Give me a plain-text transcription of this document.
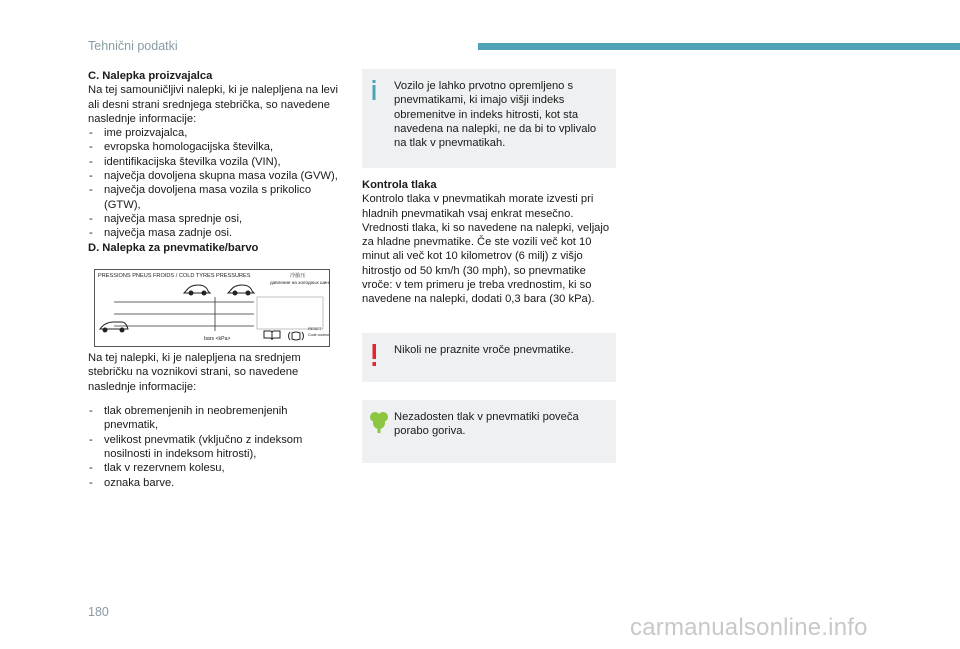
Tehnični podatki

C. Nalepka proizvajalca

Na tej samouničljivi nalepki, ki je nalepljena na levi ali desni strani srednjega stebrička, so navedene naslednje informacije:

- ime proizvajalca,
- evropska homologacijska številka,
- identifikacijska številka vozila (VIN),
- največja dovoljena skupna masa vozila (GVW),
- največja dovoljena masa vozila s prikolico (GTW),
- največja masa sprednje osi,
- največja masa zadnje osi.

D. Nalepka za pnevmatike/barvo

PRESSIONS PNEUS FROIDS / COLD TYRES PRESSURES	冷胎压
давление на холодных шинах
bars <kPa>
RESET
Code couleur

Na tej nalepki, ki je nalepljena na srednjem stebričku na voznikovi strani, so navedene naslednje informacije:

- tlak obremenjenih in neobremenjenih pnevmatik,
- velikost pnevmatik (vključno z indeksom nosilnosti in indeksom hitrosti),
- tlak v rezervnem kolesu,
- oznaka barve.

Vozilo je lahko prvotno opremljeno s pnevmatikami, ki imajo višji indeks obremenitve in indeks hitrosti, kot sta navedena na nalepki, ne da bi to vplivalo na tlak v pnevmatikah.

Kontrola tlaka

Kontrolo tlaka v pnevmatikah morate izvesti pri hladnih pnevmatikah vsaj enkrat mesečno. Vrednosti tlaka, ki so navedene na nalepki, veljajo za hladne pnevmatike. Če ste vozili več kot 10 minut ali več kot 10 kilometrov (6 milj) z višjo hitrostjo od 50 km/h (30 mph), so pnevmatike vroče: v tem primeru je treba vrednostim, ki so navedene na nalepki, dodati 0,3 bara (30 kPa).

Nikoli ne praznite vroče pnevmatike.

Nezadosten tlak v pnevmatiki poveča porabo goriva.

180
carmanualsonline.info
